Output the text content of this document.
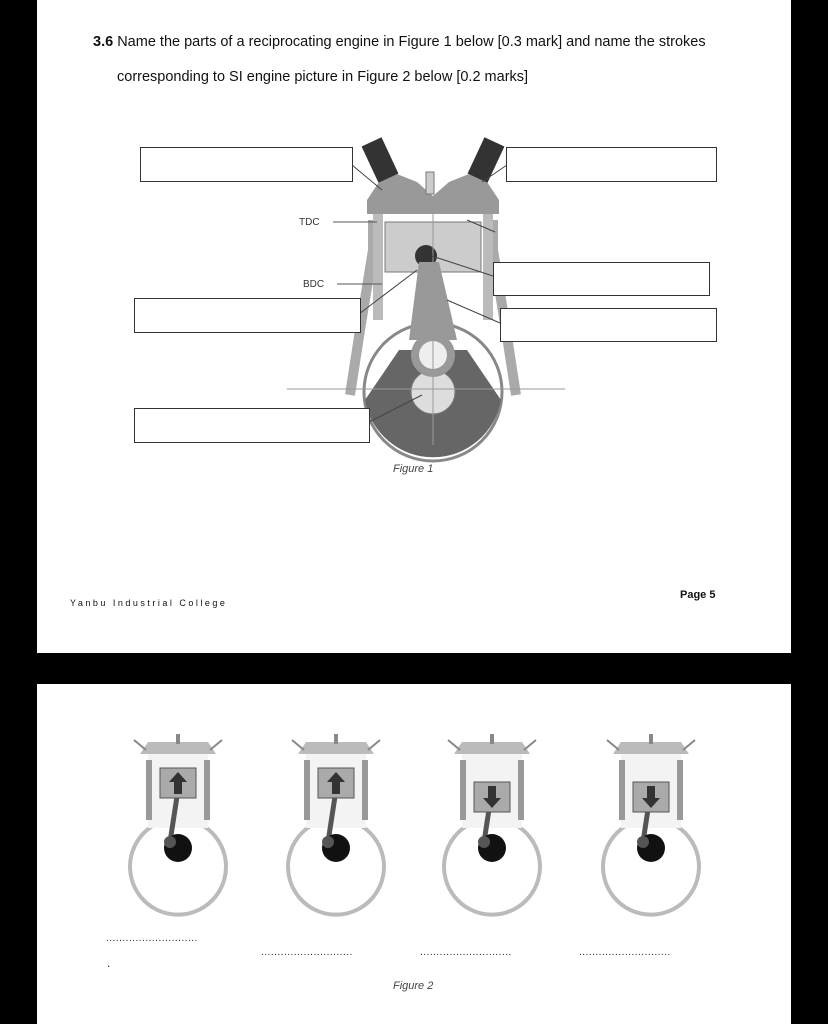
3.6 Name the parts of a reciprocating engine in Figure 1 below [0.3 mark] and name the strokes
corresponding to SI engine picture in Figure 2 below [0.2 marks]
TDC
BDC
Figure 1
Yanbu Industrial College
Page 5
............................
............................	............................	............................
.
Figure 2
